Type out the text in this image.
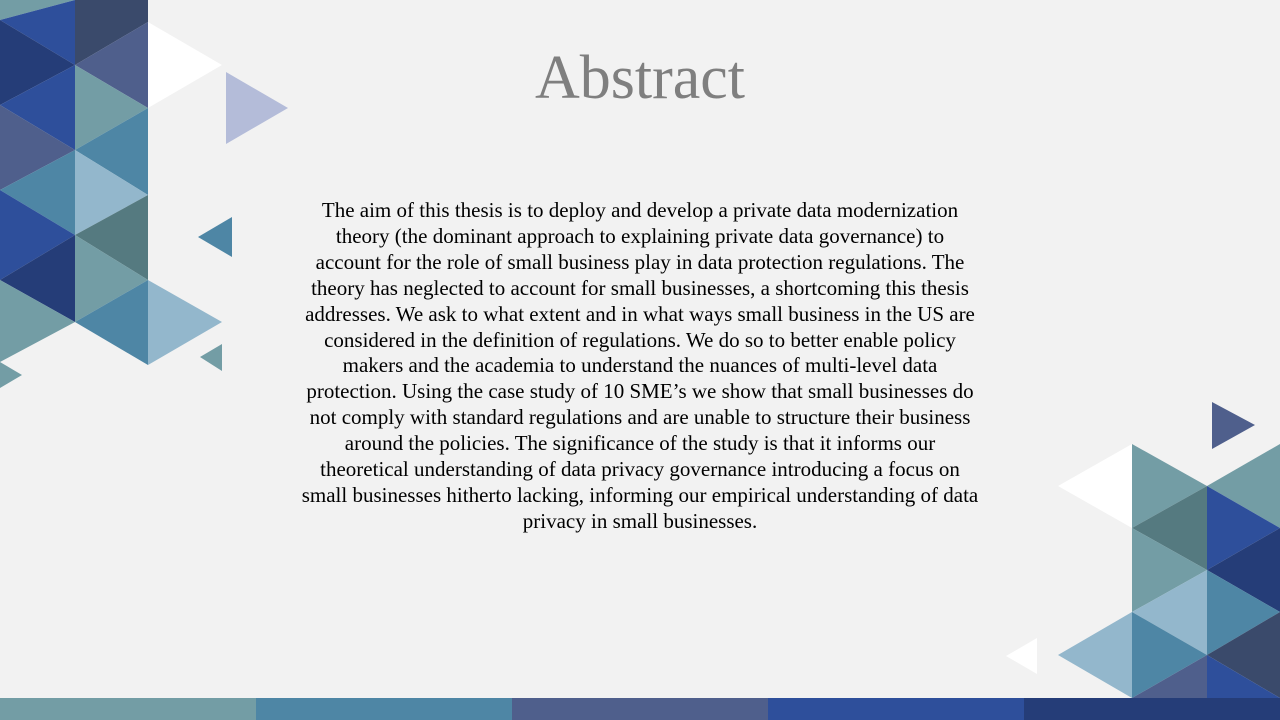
Abstract
The aim of this thesis is to deploy and develop a private data modernization
theory (the dominant approach to explaining private data governance) to
account for the role of small business play in data protection regulations. The
theory has neglected to account for small businesses, a shortcoming this thesis
addresses. We ask to what extent and in what ways small business in the US are
considered in the definition of regulations. We do so to better enable policy
makers and the academia to understand the nuances of multi-level data
protection. Using the case study of 10 SME’s we show that small businesses do
not comply with standard regulations and are unable to structure their business
around the policies. The significance of the study is that it informs our
theoretical understanding of data privacy governance introducing a focus on
small businesses hitherto lacking, informing our empirical understanding of data
privacy in small businesses.
